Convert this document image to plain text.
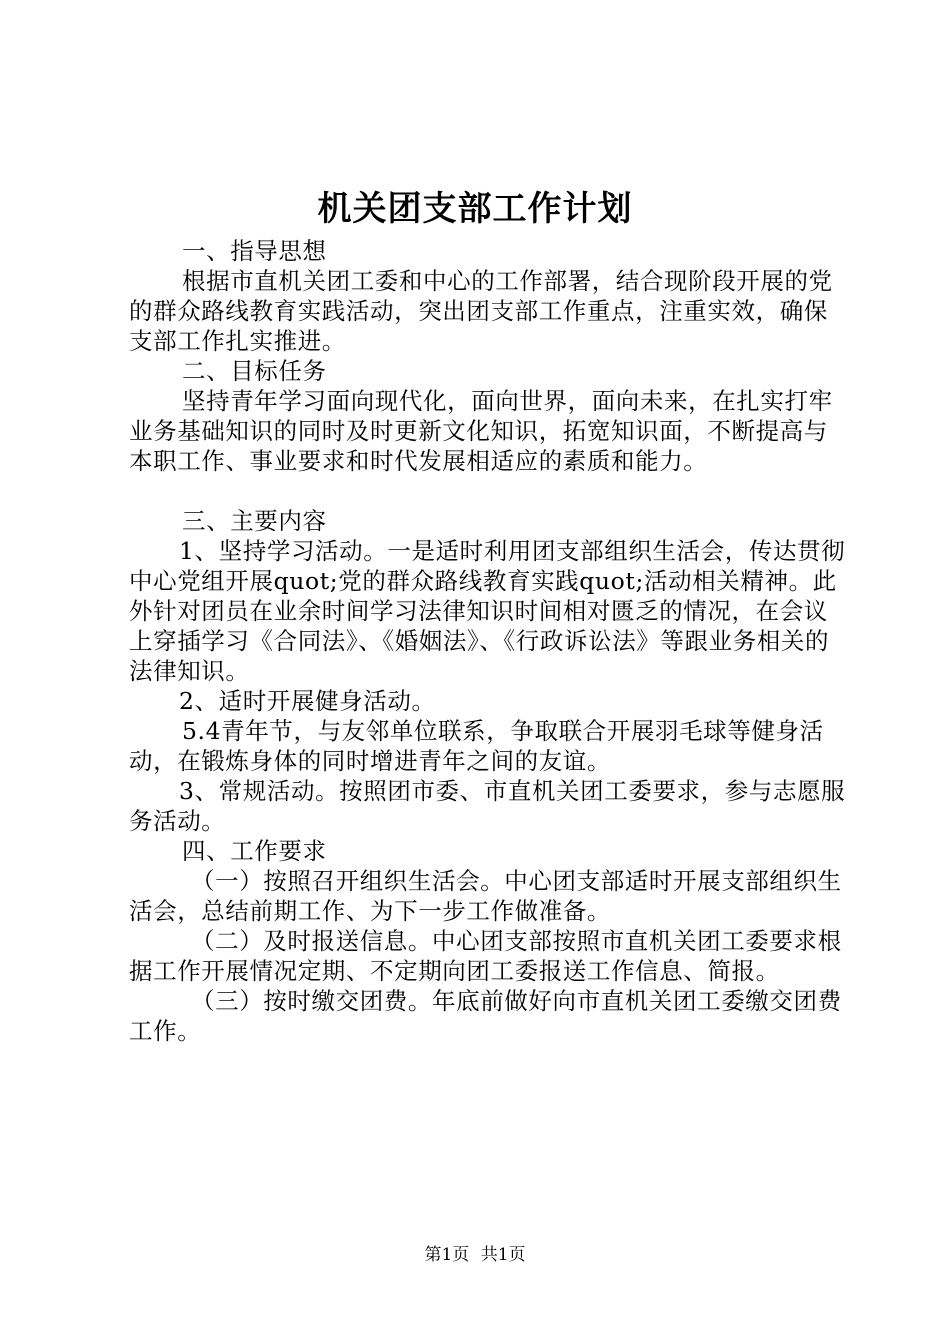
机关团支部工作计划

一、指导思想

根据市直机关团工委和中心的工作部署，结合现阶段开展的党的群众路线教育实践活动，突出团支部工作重点，注重实效，确保支部工作扎实推进。

二、目标任务

坚持青年学习面向现代化，面向世界，面向未来，在扎实打牢业务基础知识的同时及时更新文化知识，拓宽知识面，不断提高与本职工作、事业要求和时代发展相适应的素质和能力。

三、主要内容

1、坚持学习活动。一是适时利用团支部组织生活会，传达贯彻中心党组开展quot;党的群众路线教育实践quot;活动相关精神。此外针对团员在业余时间学习法律知识时间相对匮乏的情况，在会议上穿插学习《合同法》、《婚姻法》、《行政诉讼法》等跟业务相关的法律知识。

2、适时开展健身活动。

5.4青年节，与友邻单位联系，争取联合开展羽毛球等健身活动，在锻炼身体的同时增进青年之间的友谊。

3、常规活动。按照团市委、市直机关团工委要求，参与志愿服务活动。

四、工作要求

（一）按照召开组织生活会。中心团支部适时开展支部组织生活会，总结前期工作、为下一步工作做准备。

（二）及时报送信息。中心团支部按照市直机关团工委要求根据工作开展情况定期、不定期向团工委报送工作信息、简报。

（三）按时缴交团费。年底前做好向市直机关团工委缴交团费工作。

第1页 共1页
